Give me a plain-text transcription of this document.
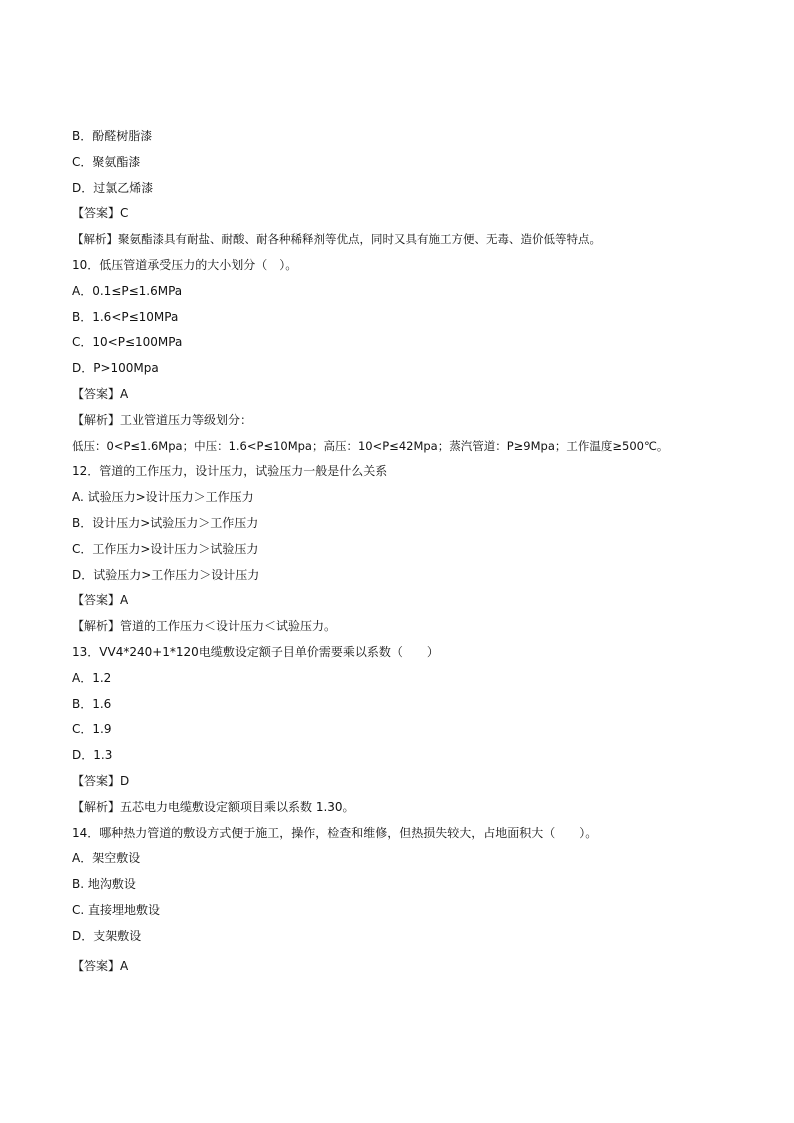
B．酚醛树脂漆
C．聚氨酯漆
D．过氯乙烯漆
【答案】C
【解析】聚氨酯漆具有耐盐、耐酸、耐各种稀释剂等优点，同时又具有施工方便、无毒、造价低等特点。
10．低压管道承受压力的大小划分（　）。
A．0.1≤P≤1.6MPa
B．1.6<P≤10MPa
C．10<P≤100MPa
D．P>100Mpa
【答案】A
【解析】工业管道压力等级划分：
低压：0<P≤1.6Mpa；中压：1.6<P≤10Mpa；高压：10<P≤42Mpa；蒸汽管道：P≥9Mpa；工作温度≥500℃。
12．管道的工作压力，设计压力，试验压力一般是什么关系
A. 试验压力>设计压力＞工作压力
B．设计压力>试验压力＞工作压力
C．工作压力>设计压力＞试验压力
D．试验压力>工作压力＞设计压力
【答案】A
【解析】管道的工作压力＜设计压力＜试验压力。
13．VV4*240+1*120电缆敷设定额子目单价需要乘以系数（　　）
A．1.2
B．1.6
C．1.9
D．1.3
【答案】D
【解析】五芯电力电缆敷设定额项目乘以系数 1.30。
14．哪种热力管道的敷设方式便于施工，操作，检查和维修，但热损失较大，占地面积大（　　）。
A．架空敷设
B. 地沟敷设
C. 直接埋地敷设
D．支架敷设
【答案】A
